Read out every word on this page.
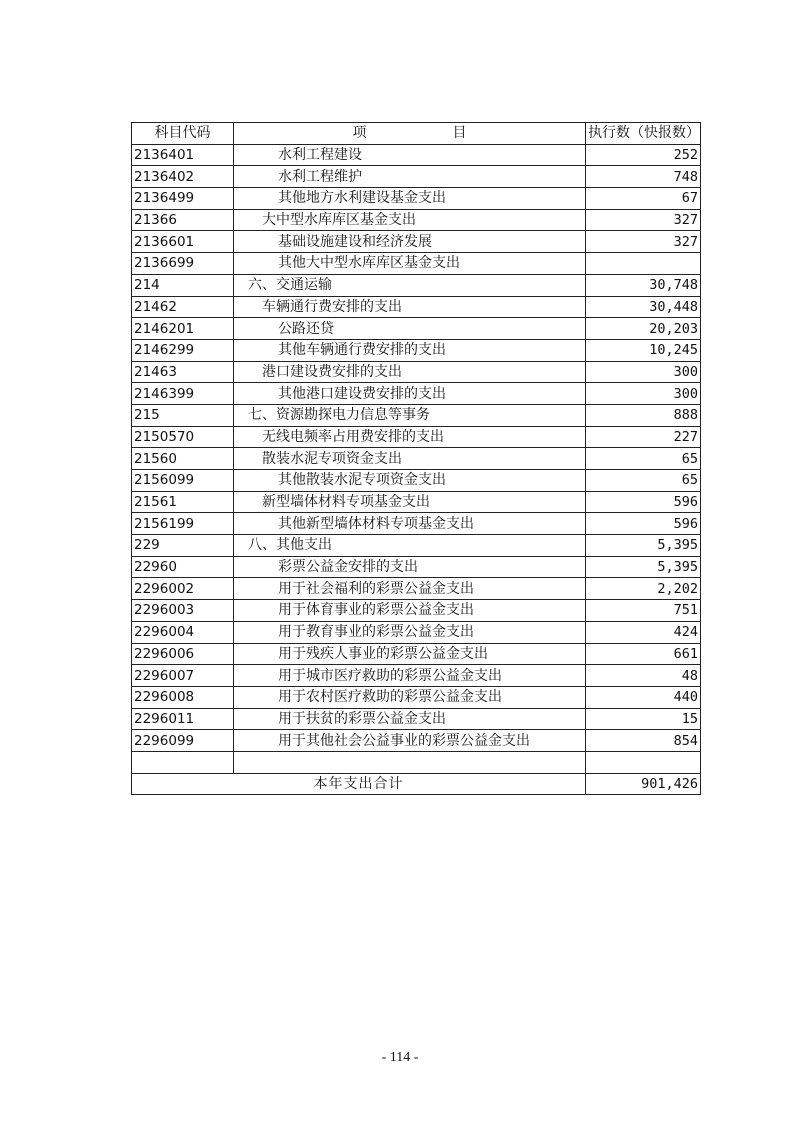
科目代码	项 目	执行数（快报数）
2136401	水利工程建设	252
2136402	水利工程维护	748
2136499	其他地方水利建设基金支出	67
21366	大中型水库库区基金支出	327
2136601	基础设施建设和经济发展	327
2136699	其他大中型水库库区基金支出	
214	六、交通运输	30,748
21462	车辆通行费安排的支出	30,448
2146201	公路还贷	20,203
2146299	其他车辆通行费安排的支出	10,245
21463	港口建设费安排的支出	300
2146399	其他港口建设费安排的支出	300
215	七、资源勘探电力信息等事务	888
2150570	无线电频率占用费安排的支出	227
21560	散装水泥专项资金支出	65
2156099	其他散装水泥专项资金支出	65
21561	新型墙体材料专项基金支出	596
2156199	其他新型墙体材料专项基金支出	596
229	八、其他支出	5,395
22960	彩票公益金安排的支出	5,395
2296002	用于社会福利的彩票公益金支出	2,202
2296003	用于体育事业的彩票公益金支出	751
2296004	用于教育事业的彩票公益金支出	424
2296006	用于残疾人事业的彩票公益金支出	661
2296007	用于城市医疗救助的彩票公益金支出	48
2296008	用于农村医疗救助的彩票公益金支出	440
2296011	用于扶贫的彩票公益金支出	15
2296099	用于其他社会公益事业的彩票公益金支出	854

本年支出合计		901,426
- 114 -
